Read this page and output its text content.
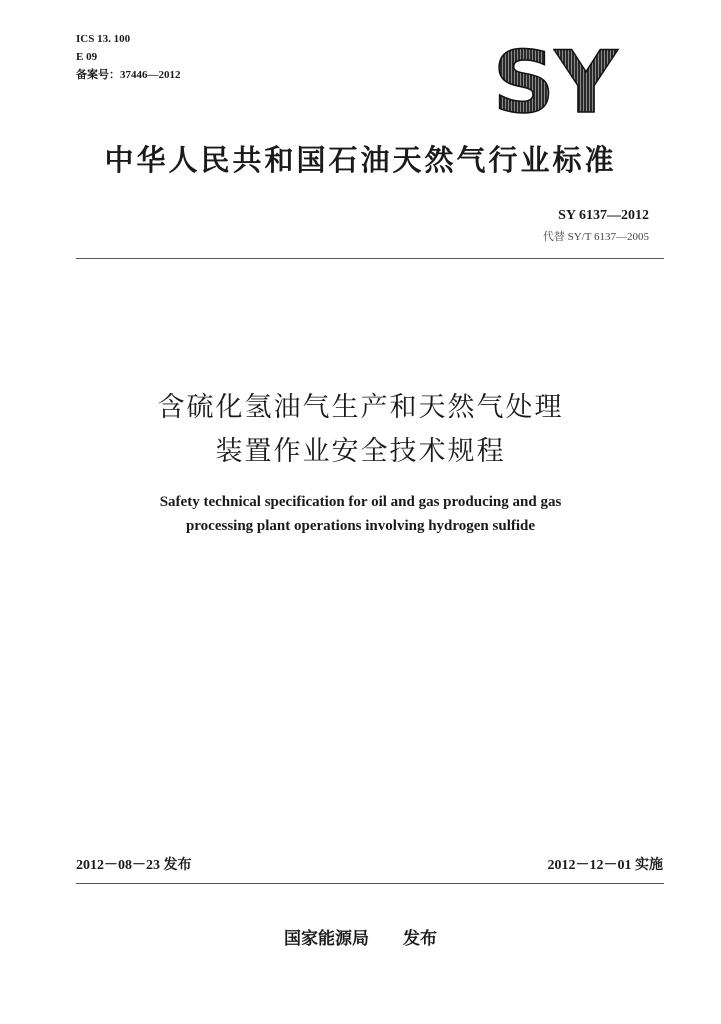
ICS 13. 100
E 09
备案号：37446—2012	SY
中华人民共和国石油天然气行业标准
SY 6137—2012
代替 SY/T 6137—2005
含硫化氢油气生产和天然气处理
装置作业安全技术规程
Safety technical specification for oil and gas producing and gas
processing plant operations involving hydrogen sulfide
2012－08－23 发布	2012－12－01 实施
国家能源局 发布
